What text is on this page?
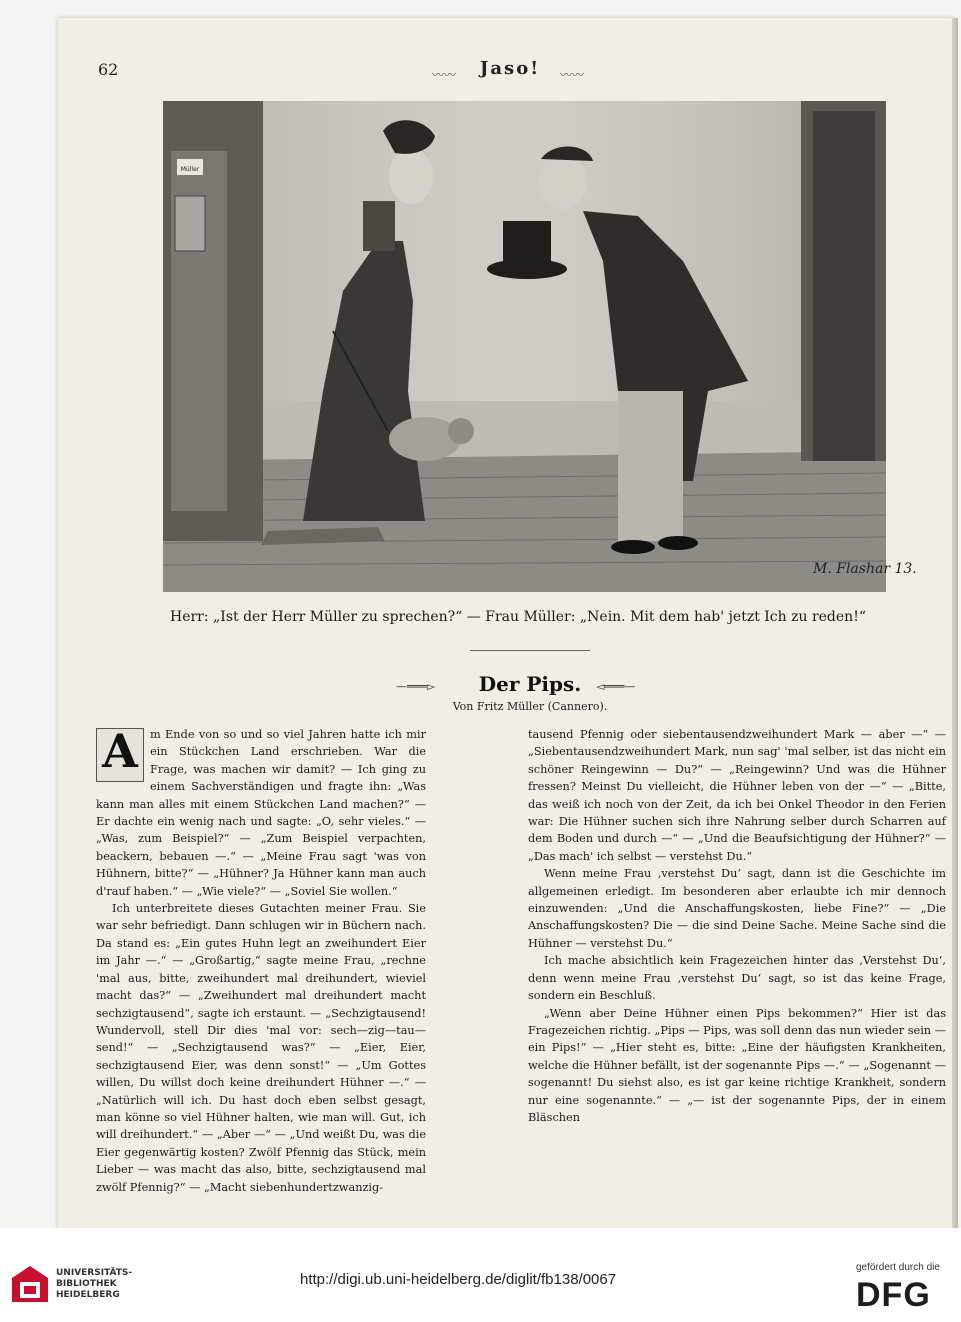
62	〰〰	Jaso!	〰〰
Müller
M. Flashar 13.
Herr: „Ist der Herr Müller zu sprechen?“ — Frau Müller: „Nein. Mit dem hab' jetzt Ich zu reden!“
—═══▻	Der Pips.	◅═══—
Von Fritz Müller (Cannero).
A	m Ende von so und so viel Jahren hatte ich mir ein Stückchen Land erschrieben. War die Frage, was machen wir damit? — Ich ging zu einem Sachverständigen und fragte ihn: „Was kann man alles mit einem Stückchen Land machen?“ — Er dachte ein wenig nach und sagte: „O, sehr vieles.“ — „Was, zum Beispiel?“ — „Zum Beispiel verpachten, beackern, bebauen —.“ — „Meine Frau sagt 'was von Hühnern, bitte?“ — „Hühner? Ja Hühner kann man auch d'rauf haben.“ — „Wie viele?“ — „Soviel Sie wollen.“

Ich unterbreitete dieses Gutachten meiner Frau. Sie war sehr befriedigt. Dann schlugen wir in Büchern nach. Da stand es: „Ein gutes Huhn legt an zweihundert Eier im Jahr —.“ — „Großartig,“ sagte meine Frau, „rechne 'mal aus, bitte, zweihundert mal dreihundert, wieviel macht das?“ — „Zweihundert mal dreihundert macht sechzigtausend“, sagte ich erstaunt. — „Sechzigtausend! Wundervoll, stell Dir dies 'mal vor: sech—zig—tau—send!“ — „Sechzigtausend was?“ — „Eier, Eier, sechzigtausend Eier, was denn sonst!“ — „Um Gottes willen, Du willst doch keine dreihundert Hühner —.“ — „Natürlich will ich. Du hast doch eben selbst gesagt, man könne so viel Hühner halten, wie man will. Gut, ich will dreihundert.“ — „Aber —“ — „Und weißt Du, was die Eier gegenwärtig kosten? Zwölf Pfennig das Stück, mein Lieber — was macht das also, bitte, sechzigtausend mal zwölf Pfennig?“ — „Macht siebenhundertzwanzig-

tausend Pfennig oder siebentausendzweihundert Mark — aber —“ — „Siebentausendzweihundert Mark, nun sag' 'mal selber, ist das nicht ein schöner Reingewinn — Du?“ — „Reingewinn? Und was die Hühner fressen? Meinst Du vielleicht, die Hühner leben von der —“ — „Bitte, das weiß ich noch von der Zeit, da ich bei Onkel Theodor in den Ferien war: Die Hühner suchen sich ihre Nahrung selber durch Scharren auf dem Boden und durch —“ — „Und die Beaufsichtigung der Hühner?“ — „Das mach' ich selbst — verstehst Du.“

Wenn meine Frau ‚verstehst Du‘ sagt, dann ist die Geschichte im allgemeinen erledigt. Im besonderen aber erlaubte ich mir dennoch einzuwenden: „Und die Anschaffungskosten, liebe Fine?“ — „Die Anschaffungskosten? Die — die sind Deine Sache. Meine Sache sind die Hühner — verstehst Du.“

Ich mache absichtlich kein Fragezeichen hinter das ‚Verstehst Du‘, denn wenn meine Frau ‚verstehst Du‘ sagt, so ist das keine Frage, sondern ein Beschluß.

„Wenn aber Deine Hühner einen Pips bekommen?“ Hier ist das Fragezeichen richtig. „Pips — Pips, was soll denn das nun wieder sein — ein Pips!“ — „Hier steht es, bitte: „Eine der häufigsten Krankheiten, welche die Hühner befällt, ist der sogenannte Pips —.“ — „Sogenannt — sogenannt! Du siehst also, es ist gar keine richtige Krankheit, sondern nur eine sogenannte.“ — „— ist der sogenannte Pips, der in einem Bläschen

UNIVERSITÄTS-
BIBLIOTHEK
HEIDELBERG
http://digi.ub.uni-heidelberg.de/diglit/fb138/0067
gefördert durch die
DFG
